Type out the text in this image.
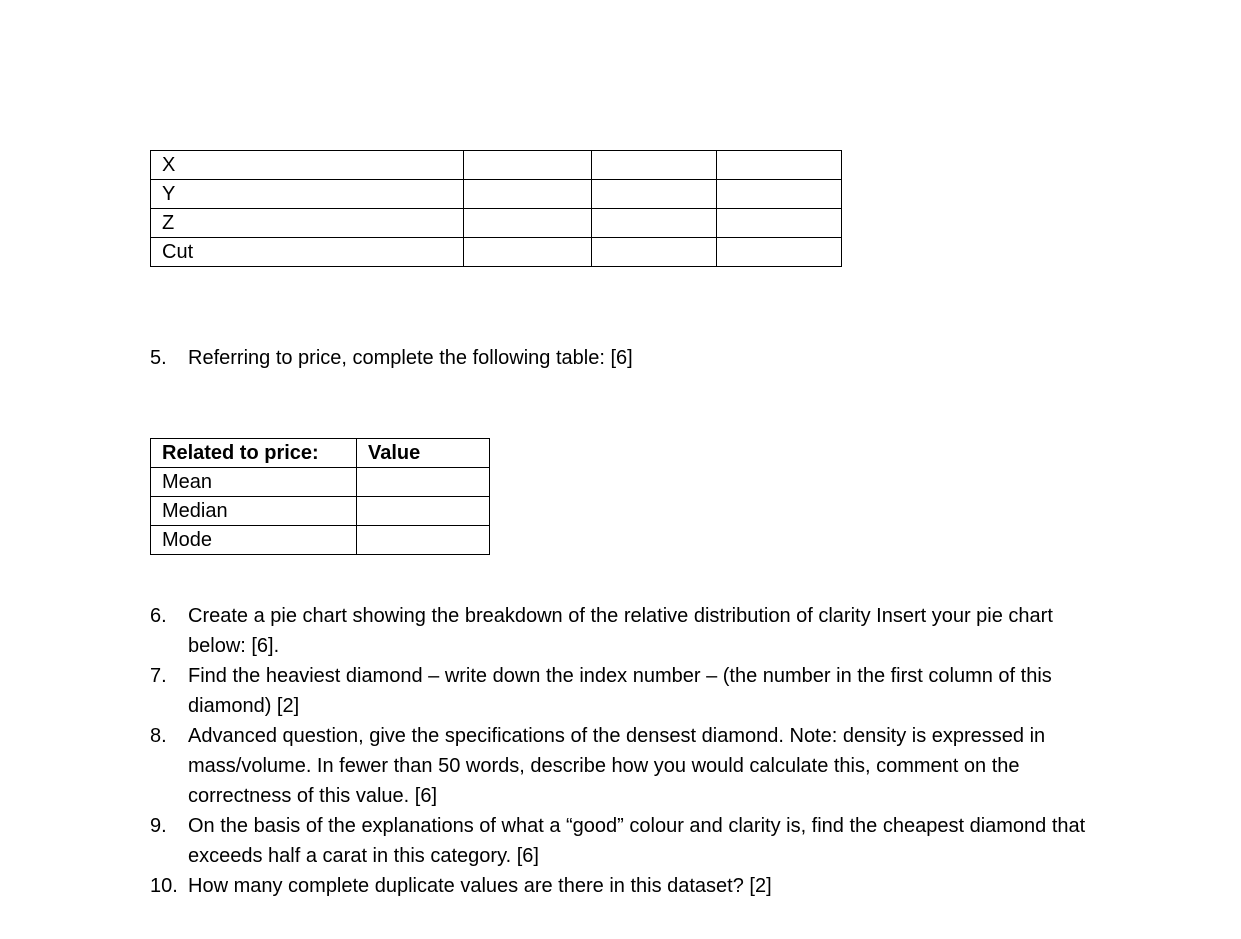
X			
Y			
Z			
Cut			
5.	Referring to price, complete the following table: [6]
Related to price:	Value
Mean	
Median	
Mode	
6.	Create a pie chart showing the breakdown of the relative distribution of clarity Insert your pie chart below: [6].
7.	Find the heaviest diamond – write down the index number – (the number in the first column of this diamond) [2]
8.	Advanced question, give the specifications of the densest diamond. Note: density is expressed in mass/volume. In fewer than 50 words, describe how you would calculate this, comment on the correctness of this value. [6]
9.	On the basis of the explanations of what a “good” colour and clarity is, find the cheapest diamond that exceeds half a carat in this category. [6]
10. How many complete duplicate values are there in this dataset? [2]
